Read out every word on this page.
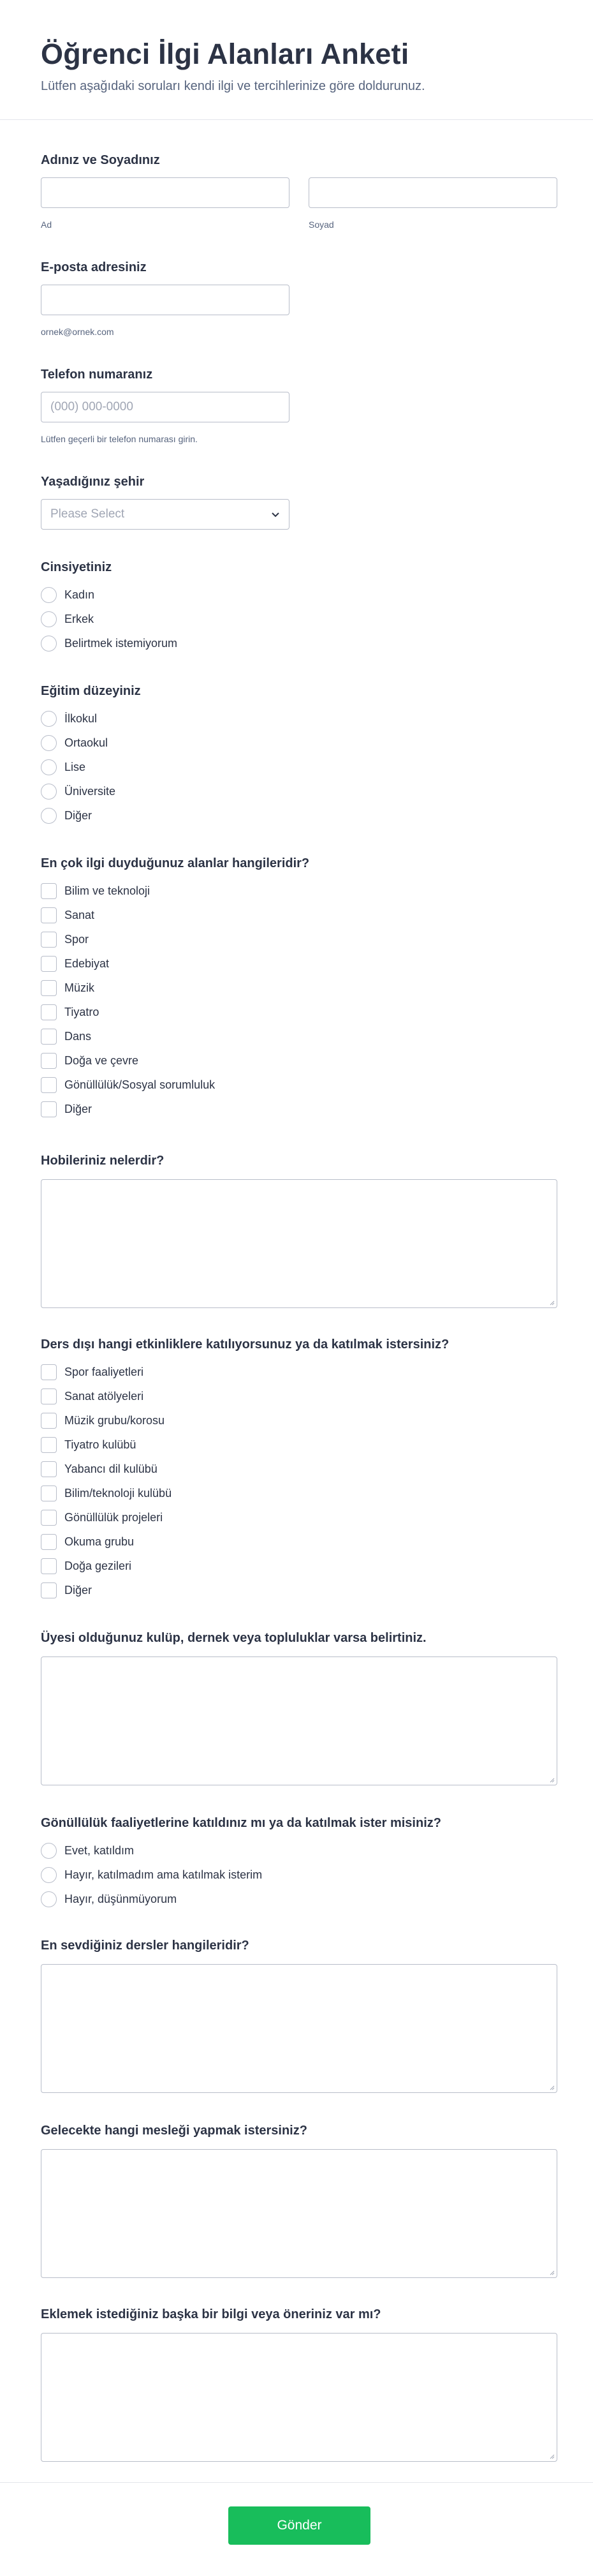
Öğrenci İlgi Alanları Anketi

Lütfen aşağıdaki soruları kendi ilgi ve tercihlerinize göre doldurunuz.

Adınız ve Soyadınız
Ad	Soyad
E-posta adresiniz
ornek@ornek.com
Telefon numaranız
(000) 000-0000
Lütfen geçerli bir telefon numarası girin.
Yaşadığınız şehir
Please Select
Cinsiyetiniz
Kadın
Erkek
Belirtmek istemiyorum
Eğitim düzeyiniz
İlkokul
Ortaokul
Lise
Üniversite
Diğer
En çok ilgi duyduğunuz alanlar hangileridir?
Bilim ve teknoloji
Sanat
Spor
Edebiyat
Müzik
Tiyatro
Dans
Doğa ve çevre
Gönüllülük/Sosyal sorumluluk
Diğer
Hobileriniz nelerdir?
Ders dışı hangi etkinliklere katılıyorsunuz ya da katılmak istersiniz?
Spor faaliyetleri
Sanat atölyeleri
Müzik grubu/korosu
Tiyatro kulübü
Yabancı dil kulübü
Bilim/teknoloji kulübü
Gönüllülük projeleri
Okuma grubu
Doğa gezileri
Diğer
Üyesi olduğunuz kulüp, dernek veya topluluklar varsa belirtiniz.
Gönüllülük faaliyetlerine katıldınız mı ya da katılmak ister misiniz?
Evet, katıldım
Hayır, katılmadım ama katılmak isterim
Hayır, düşünmüyorum
En sevdiğiniz dersler hangileridir?
Gelecekte hangi mesleği yapmak istersiniz?
Eklemek istediğiniz başka bir bilgi veya öneriniz var mı?
Gönder
